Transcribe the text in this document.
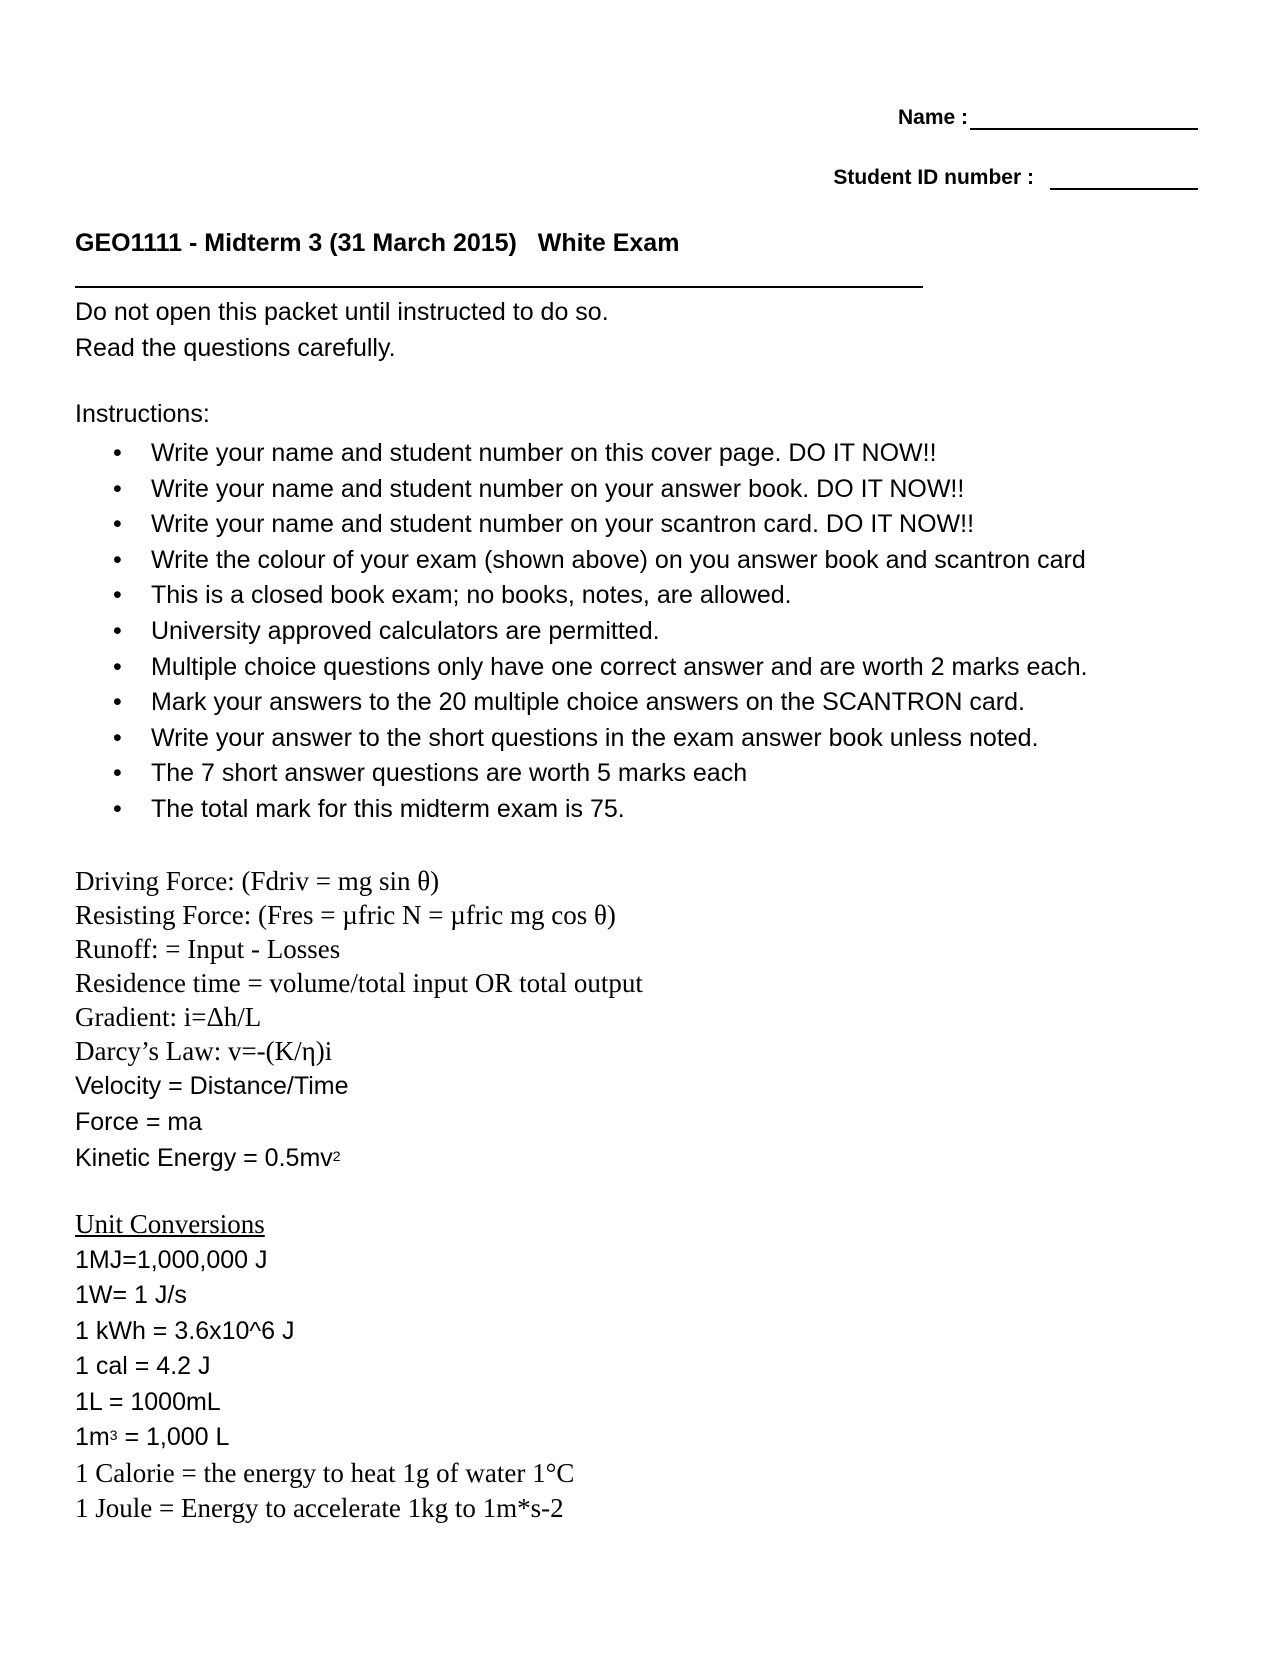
Name :
Student ID number :
GEO1111 - Midterm 3 (31 March 2015)   White Exam

Do not open this packet until instructed to do so.

Read the questions carefully.

Instructions:
• Write your name and student number on this cover page. DO IT NOW!!
• Write your name and student number on your answer book. DO IT NOW!!
• Write your name and student number on your scantron card. DO IT NOW!!
• Write the colour of your exam (shown above) on you answer book and scantron card
• This is a closed book exam; no books, notes, are allowed.
• University approved calculators are permitted.
• Multiple choice questions only have one correct answer and are worth 2 marks each.
• Mark your answers to the 20 multiple choice answers on the SCANTRON card.
• Write your answer to the short questions in the exam answer book unless noted.
• The 7 short answer questions are worth 5 marks each
• The total mark for this midterm exam is 75.
Driving Force: (Fdriv = mg sin θ)
Resisting Force: (Fres = µfric N = µfric mg cos θ)
Runoff: = Input - Losses
Residence time = volume/total input OR total output
Gradient: i=Δh/L
Darcy’s Law: v=-(K/η)i
Velocity = Distance/Time
Force = ma
Kinetic Energy = $0.5mv^2$
Unit Conversions
1MJ=1,000,000 J
1W= 1 J/s
1 kWh = 3.6x10^6 J
1 cal = 4.2 J
1L = 1000mL
$1m^3 = 1,000$ L
1 Calorie = the energy to heat 1g of water 1°C
1 Joule = Energy to accelerate 1kg to 1m*s-2
